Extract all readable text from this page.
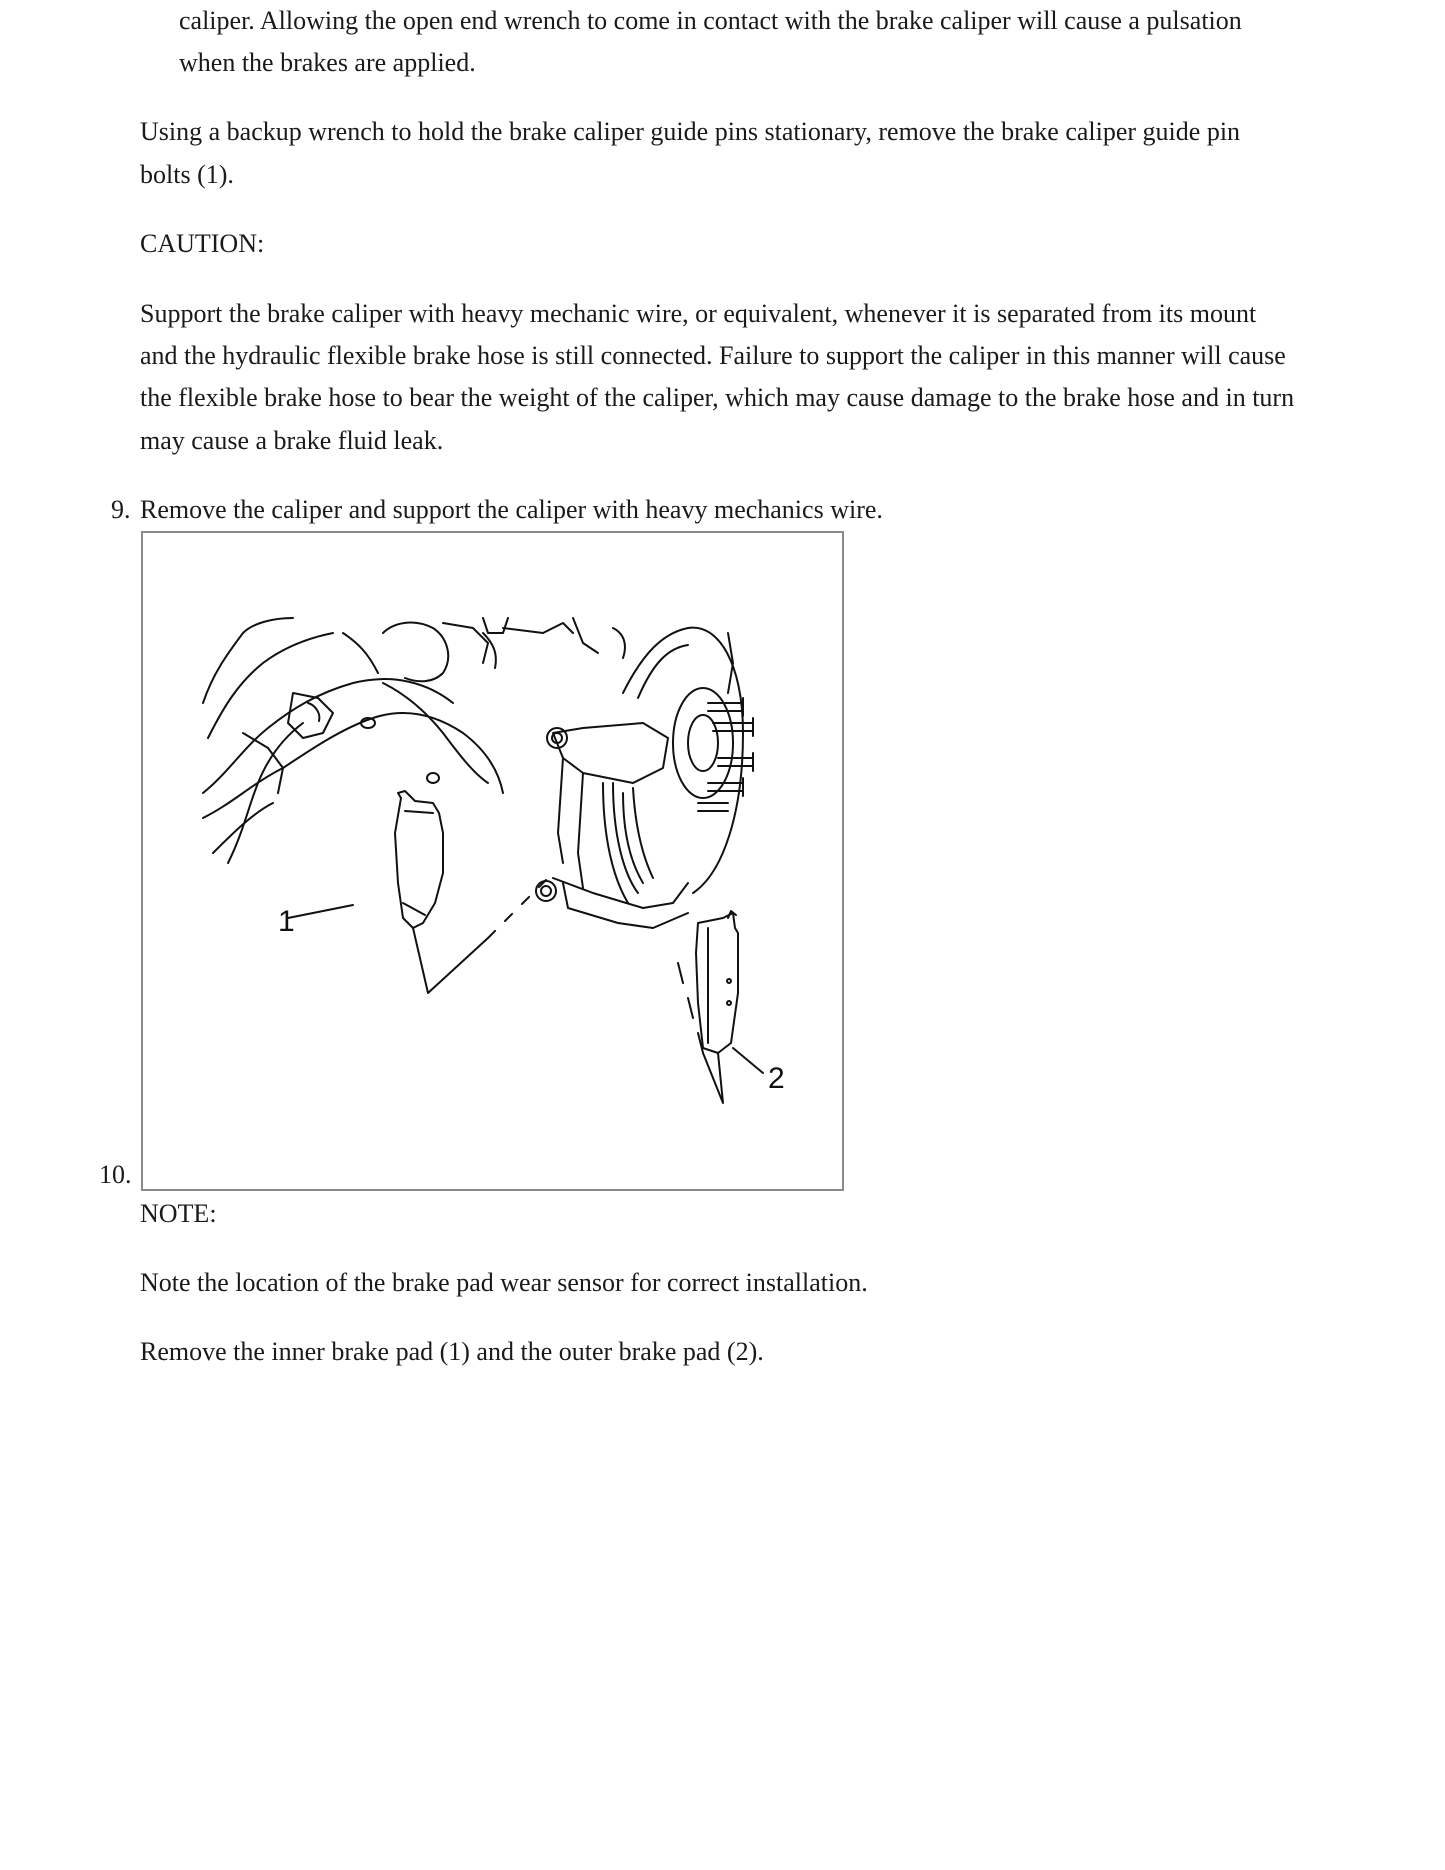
caliper. Allowing the open end wrench to come in contact with the brake caliper will cause a pulsation

when the brakes are applied.

Using a backup wrench to hold the brake caliper guide pins stationary, remove the brake caliper guide pin

bolts (1).

CAUTION:

Support the brake caliper with heavy mechanic wire, or equivalent, whenever it is separated from its mount

and the hydraulic flexible brake hose is still connected. Failure to support the caliper in this manner will cause

the flexible brake hose to bear the weight of the caliper, which may cause damage to the brake hose and in turn

may cause a brake fluid leak.

9. Remove the caliper and support the caliper with heavy mechanics wire.

1
2

10.

NOTE:

Note the location of the brake pad wear sensor for correct installation.

Remove the inner brake pad (1) and the outer brake pad (2).
